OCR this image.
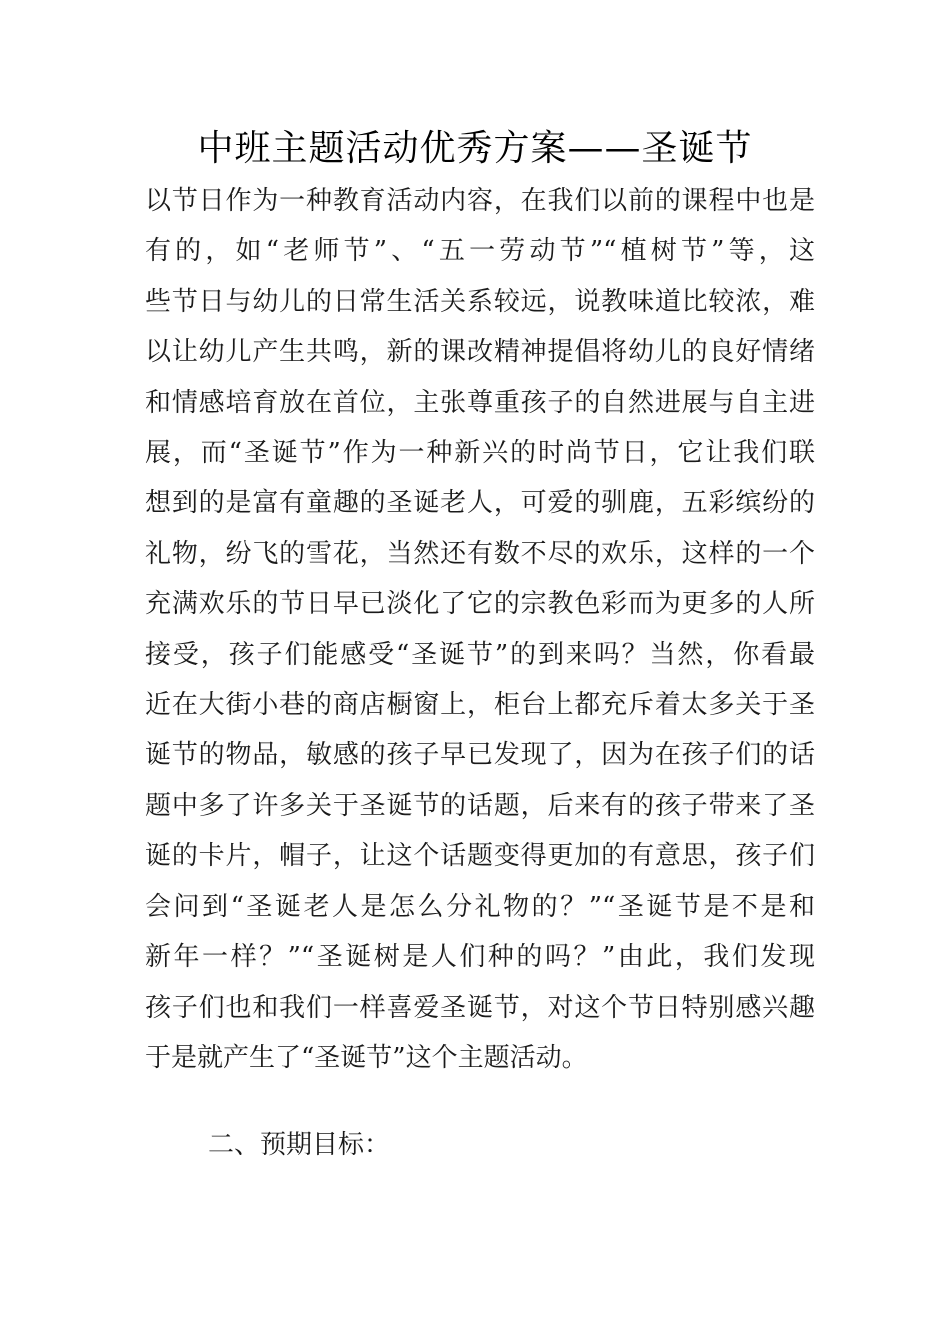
中班主题活动优秀方案——圣诞节
以节日作为一种教育活动内容，在我们以前的课程中也是
有的，如“老师节”、“五一劳动节”“植树节”等，这
些节日与幼儿的日常生活关系较远，说教味道比较浓，难
以让幼儿产生共鸣，新的课改精神提倡将幼儿的良好情绪
和情感培育放在首位，主张尊重孩子的自然进展与自主进
展，而“圣诞节”作为一种新兴的时尚节日，它让我们联
想到的是富有童趣的圣诞老人，可爱的驯鹿，五彩缤纷的
礼物，纷飞的雪花，当然还有数不尽的欢乐，这样的一个
充满欢乐的节日早已淡化了它的宗教色彩而为更多的人所
接受，孩子们能感受“圣诞节”的到来吗？当然，你看最
近在大街小巷的商店橱窗上，柜台上都充斥着太多关于圣
诞节的物品，敏感的孩子早已发现了，因为在孩子们的话
题中多了许多关于圣诞节的话题，后来有的孩子带来了圣
诞的卡片，帽子，让这个话题变得更加的有意思，孩子们
会问到“圣诞老人是怎么分礼物的？”“圣诞节是不是和
新年一样？”“圣诞树是人们种的吗？”由此，我们发现
孩子们也和我们一样喜爱圣诞节，对这个节日特别感兴趣
于是就产生了“圣诞节”这个主题活动。
二、预期目标：
